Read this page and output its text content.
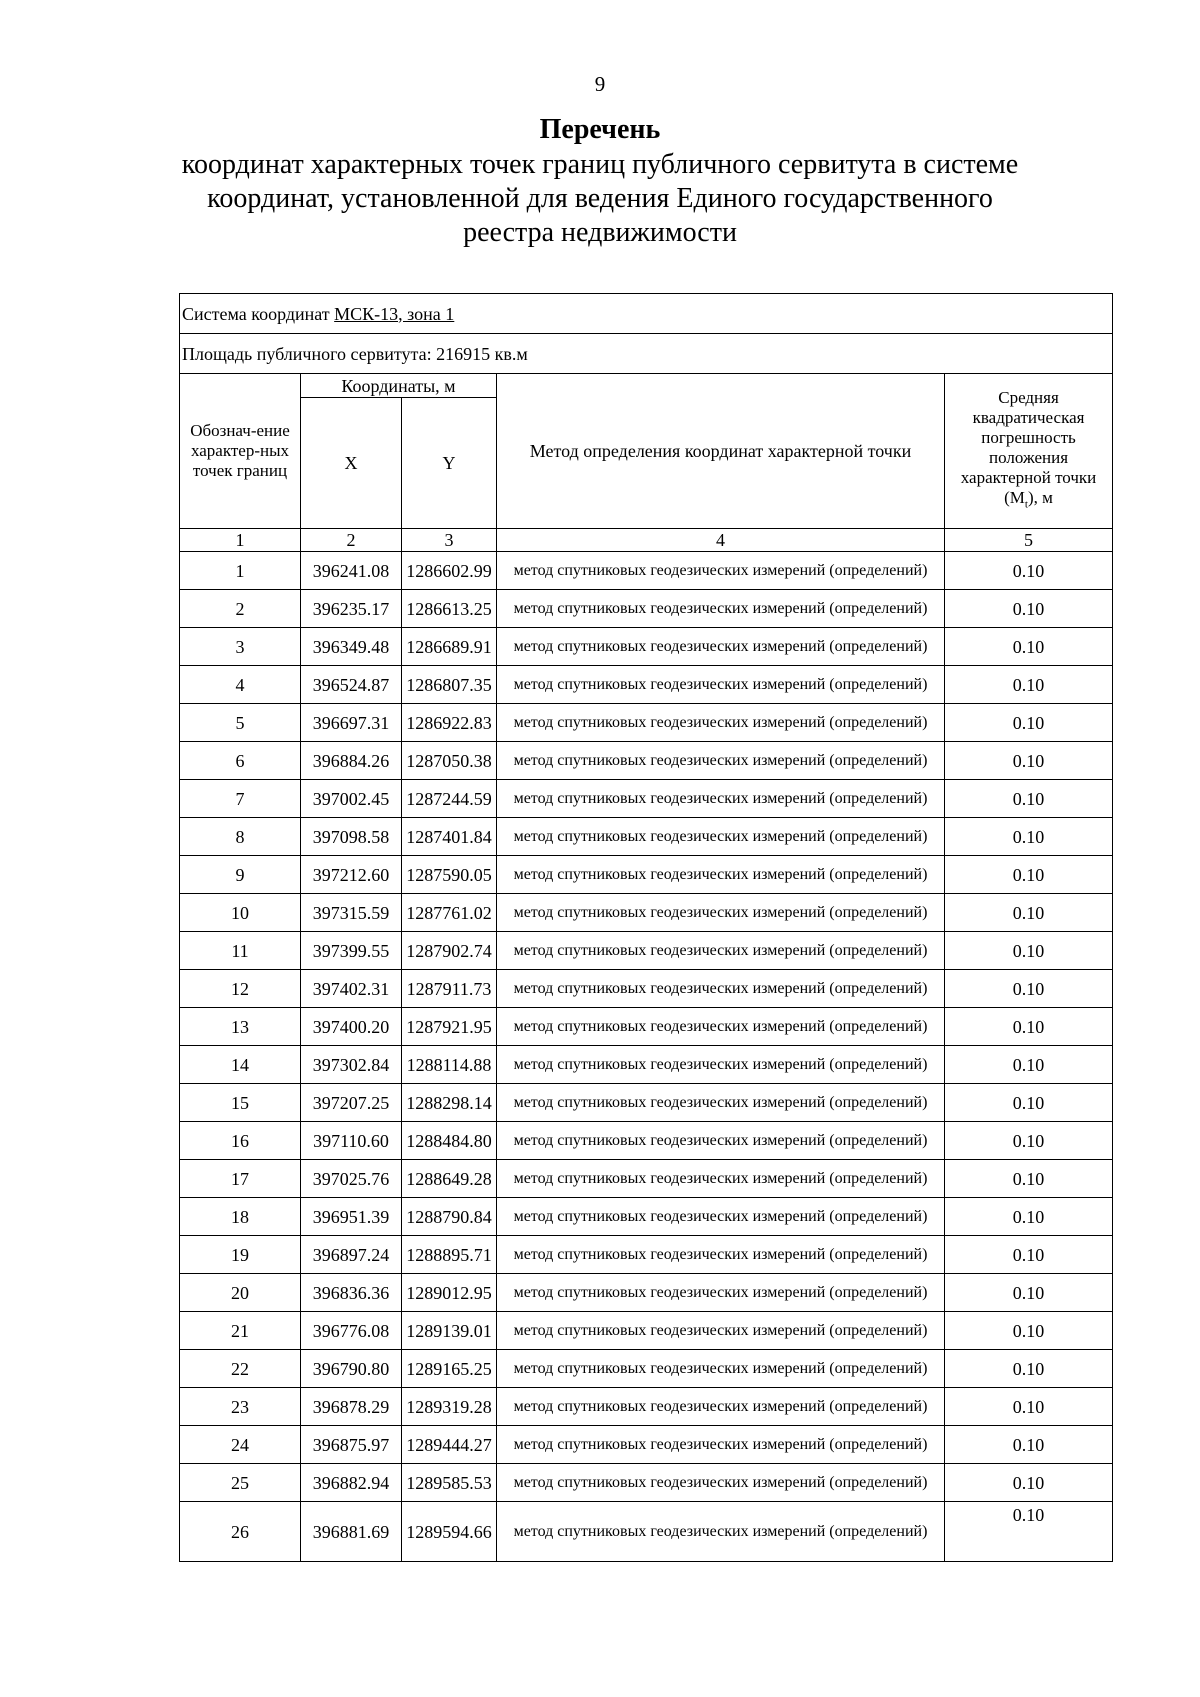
9
Перечень
координат характерных точек границ публичного сервитута в системе координат, установленной для ведения Единого государственного реестра недвижимости
Система координат МСК-13, зона 1				
Площадь публичного сервитута: 216915 кв.м				
Обознач-ение характер-ных точек границ	Координаты, м		Метод определения координат характерной точки	Средняя квадратическая погрешность положения характерной точки $(M_t)$, м
	X	Y		
1	2	3	4	5
1	396241.08	1286602.99	метод спутниковых геодезических измерений (определений)	0.10
2	396235.17	1286613.25	метод спутниковых геодезических измерений (определений)	0.10
3	396349.48	1286689.91	метод спутниковых геодезических измерений (определений)	0.10
4	396524.87	1286807.35	метод спутниковых геодезических измерений (определений)	0.10
5	396697.31	1286922.83	метод спутниковых геодезических измерений (определений)	0.10
6	396884.26	1287050.38	метод спутниковых геодезических измерений (определений)	0.10
7	397002.45	1287244.59	метод спутниковых геодезических измерений (определений)	0.10
8	397098.58	1287401.84	метод спутниковых геодезических измерений (определений)	0.10
9	397212.60	1287590.05	метод спутниковых геодезических измерений (определений)	0.10
10	397315.59	1287761.02	метод спутниковых геодезических измерений (определений)	0.10
11	397399.55	1287902.74	метод спутниковых геодезических измерений (определений)	0.10
12	397402.31	1287911.73	метод спутниковых геодезических измерений (определений)	0.10
13	397400.20	1287921.95	метод спутниковых геодезических измерений (определений)	0.10
14	397302.84	1288114.88	метод спутниковых геодезических измерений (определений)	0.10
15	397207.25	1288298.14	метод спутниковых геодезических измерений (определений)	0.10
16	397110.60	1288484.80	метод спутниковых геодезических измерений (определений)	0.10
17	397025.76	1288649.28	метод спутниковых геодезических измерений (определений)	0.10
18	396951.39	1288790.84	метод спутниковых геодезических измерений (определений)	0.10
19	396897.24	1288895.71	метод спутниковых геодезических измерений (определений)	0.10
20	396836.36	1289012.95	метод спутниковых геодезических измерений (определений)	0.10
21	396776.08	1289139.01	метод спутниковых геодезических измерений (определений)	0.10
22	396790.80	1289165.25	метод спутниковых геодезических измерений (определений)	0.10
23	396878.29	1289319.28	метод спутниковых геодезических измерений (определений)	0.10
24	396875.97	1289444.27	метод спутниковых геодезических измерений (определений)	0.10
25	396882.94	1289585.53	метод спутниковых геодезических измерений (определений)	0.10
26	396881.69	1289594.66	метод спутниковых геодезических измерений (определений)	0.10
